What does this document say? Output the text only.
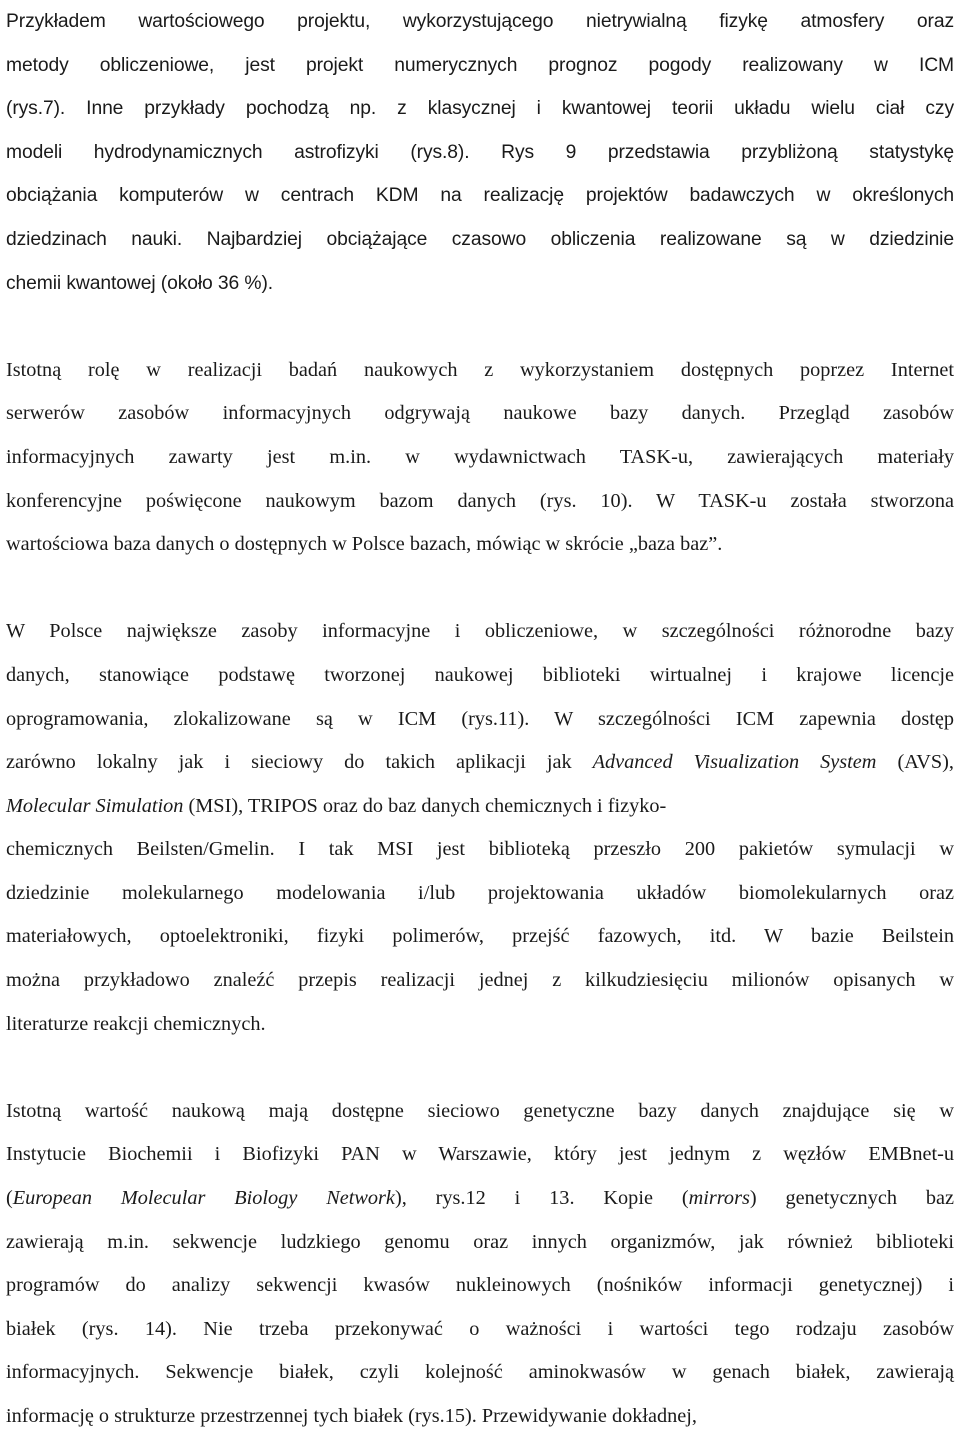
Przykładem wartościowego projektu, wykorzystującego nietrywialną fizykę atmosfery oraz
metody obliczeniowe, jest projekt numerycznych prognoz pogody realizowany w ICM
(rys.7). Inne przykłady pochodzą np. z klasycznej i kwantowej teorii układu wielu ciał czy
modeli hydrodynamicznych astrofizyki (rys.8). Rys 9 przedstawia przybliżoną statystykę
obciążania komputerów w centrach KDM na realizację projektów badawczych w określonych
dziedzinach nauki. Najbardziej obciążające czasowo obliczenia realizowane są w dziedzinie
chemii kwantowej (około 36 %).
Istotną rolę w realizacji badań naukowych z wykorzystaniem dostępnych poprzez Internet
serwerów zasobów informacyjnych odgrywają naukowe bazy danych. Przegląd zasobów
informacyjnych zawarty jest m.in. w wydawnictwach TASK-u, zawierających materiały
konferencyjne poświęcone naukowym bazom danych (rys. 10). W TASK-u została stworzona
wartościowa baza danych o dostępnych w Polsce bazach, mówiąc w skrócie „baza baz”.
W Polsce największe zasoby informacyjne i obliczeniowe, w szczególności różnorodne bazy
danych, stanowiące podstawę tworzonej naukowej biblioteki wirtualnej i krajowe licencje
oprogramowania, zlokalizowane są w ICM (rys.11). W szczególności ICM zapewnia dostęp
zarówno lokalny jak i sieciowy do takich aplikacji jak Advanced Visualization System (AVS),
Molecular Simulation (MSI), TRIPOS oraz do baz danych chemicznych i fizyko-
chemicznych Beilsten/Gmelin. I tak MSI jest biblioteką przeszło 200 pakietów symulacji w
dziedzinie molekularnego modelowania i/lub projektowania układów biomolekularnych oraz
materiałowych, optoelektroniki, fizyki polimerów, przejść fazowych, itd. W bazie Beilstein
można przykładowo znaleźć przepis realizacji jednej z kilkudziesięciu milionów opisanych w
literaturze reakcji chemicznych.
Istotną wartość naukową mają dostępne sieciowo genetyczne bazy danych znajdujące się w
Instytucie Biochemii i Biofizyki PAN w Warszawie, który jest jednym z węzłów EMBnet-u
(European Molecular Biology Network), rys.12 i 13. Kopie (mirrors) genetycznych baz
zawierają m.in. sekwencje ludzkiego genomu oraz innych organizmów, jak również biblioteki
programów do analizy sekwencji kwasów nukleinowych (nośników informacji genetycznej) i
białek (rys. 14). Nie trzeba przekonywać o ważności i wartości tego rodzaju zasobów
informacyjnych. Sekwencje białek, czyli kolejność aminokwasów w genach białek, zawierają
informację o strukturze przestrzennej tych białek (rys.15). Przewidywanie dokładnej,
